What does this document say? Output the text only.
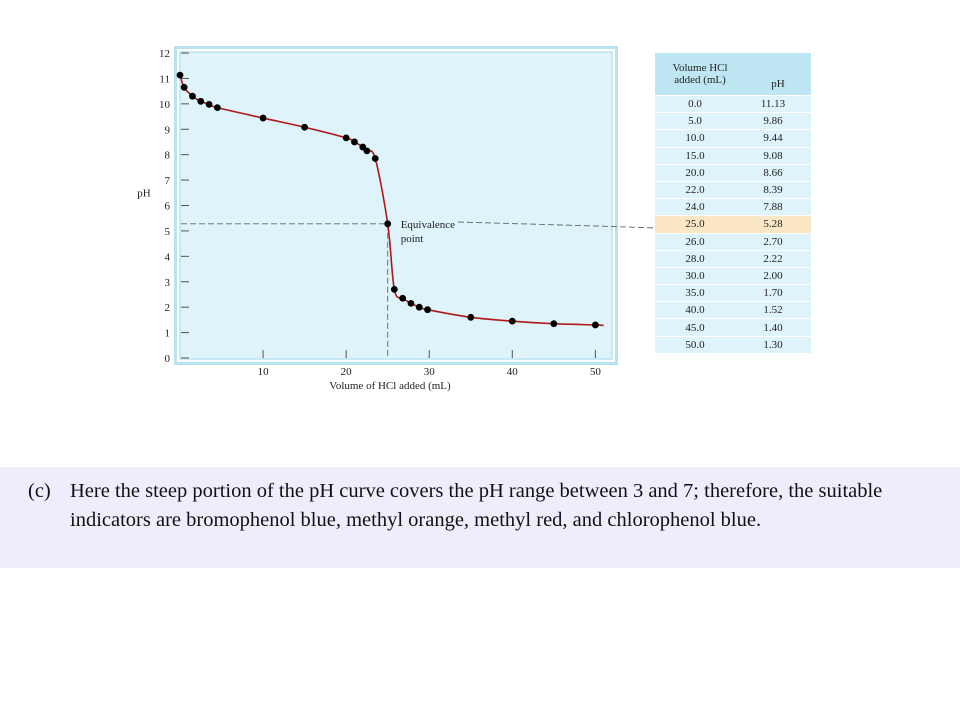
0
1
2
3
4
5
6
7
8
9
10
11
12
10	20	30	40	50
Volume of HCl added (mL)
pH
Equivalence point
Volume HCl
added (mL)	pH
0.0	11.13
5.0	9.86
10.0	9.44
15.0	9.08
20.0	8.66
22.0	8.39
24.0	7.88
25.0	5.28
26.0	2.70
28.0	2.22
30.0	2.00
35.0	1.70
40.0	1.52
45.0	1.40
50.0	1.30
(c) Here the steep portion of the pH curve covers the pH range between 3 and 7; therefore, the suitable indicators are bromophenol blue, methyl orange, methyl red, and chlorophenol blue.
